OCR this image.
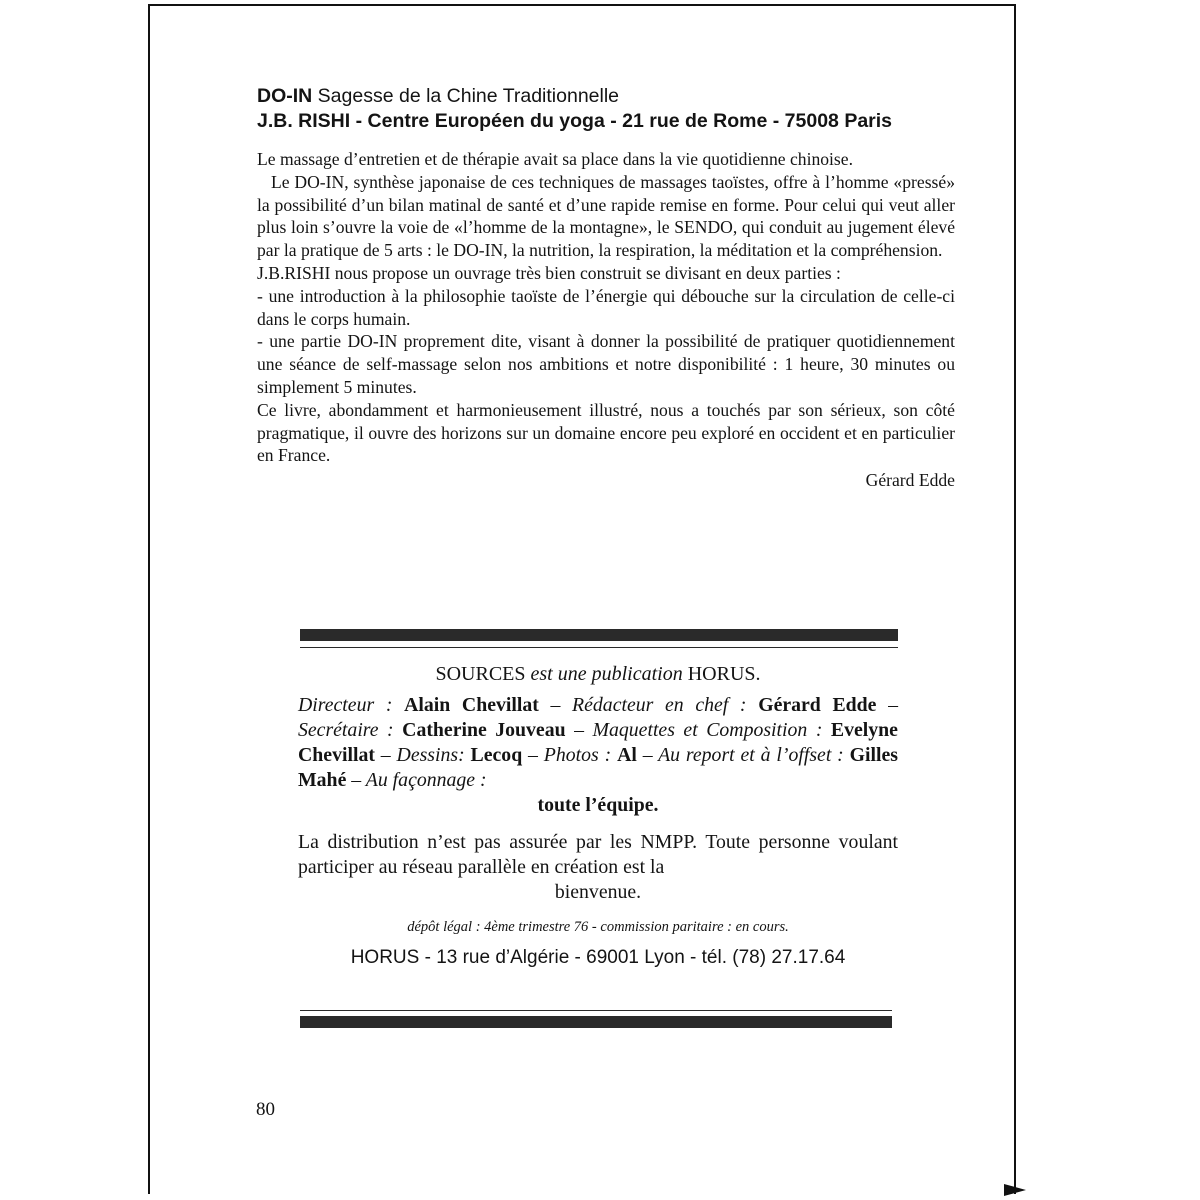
DO-IN Sagesse de la Chine Traditionnelle
J.B. RISHI - Centre Européen du yoga - 21 rue de Rome - 75008 Paris

Le massage d’entretien et de thérapie avait sa place dans la vie quotidienne chinoise.

Le DO-IN, synthèse japonaise de ces techniques de massages taoïstes, offre à l’homme «pressé» la possibilité d’un bilan matinal de santé et d’une rapide remise en forme. Pour celui qui veut aller plus loin s’ouvre la voie de «l’homme de la montagne», le SENDO, qui conduit au jugement élevé par la pratique de 5 arts : le DO-IN, la nutrition, la respiration, la méditation et la compréhension.

J.B.RISHI nous propose un ouvrage très bien construit se divisant en deux parties :

- une introduction à la philosophie taoïste de l’énergie qui débouche sur la circulation de celle-ci dans le corps humain.

- une partie DO-IN proprement dite, visant à donner la possibilité de pratiquer quotidiennement une séance de self-massage selon nos ambitions et notre disponibilité : 1 heure, 30 minutes ou simplement 5 minutes.

Ce livre, abondamment et harmonieusement illustré, nous a touchés par son sérieux, son côté pragmatique, il ouvre des horizons sur un domaine encore peu exploré en occident et en particulier en France.

Gérard Edde

SOURCES est une publication HORUS.

Directeur : Alain Chevillat – Rédacteur en chef : Gérard Edde – Secrétaire : Catherine Jouveau – Maquettes et Composition : Evelyne Chevillat – Dessins: Lecoq – Photos : Al – Au report et à l’offset : Gilles Mahé – Au façonnage :

toute l’équipe.

La distribution n’est pas assurée par les NMPP. Toute personne voulant participer au réseau parallèle en création est la

bienvenue.

dépôt légal : 4ème trimestre 76 - commission paritaire : en cours.

HORUS - 13 rue d’Algérie - 69001 Lyon - tél. (78) 27.17.64

80
